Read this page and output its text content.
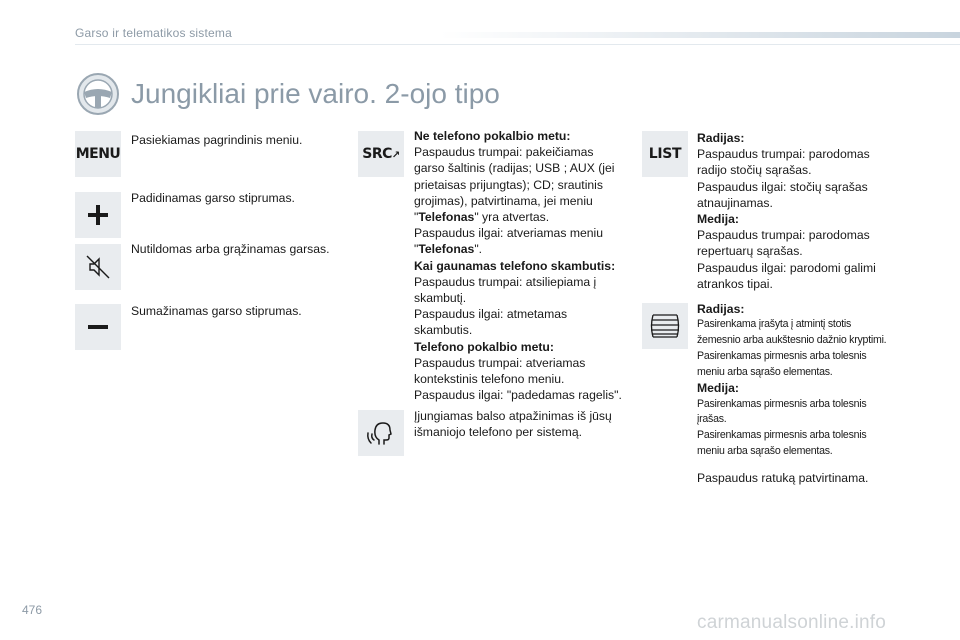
Garso ir telematikos sistema
Jungikliai prie vairo. 2-ojo tipo
MENU
Pasiekiamas pagrindinis meniu.
Padidinamas garso stiprumas.
Nutildomas arba grąžinamas garsas.
Sumažinamas garso stiprumas.
SRC↗
Ne telefono pokalbio metu:
Paspaudus trumpai: pakeičiamas
garso šaltinis (radijas; USB ; AUX (jei
prietaisas prijungtas); CD; srautinis
grojimas), patvirtinama, jei meniu
"Telefonas" yra atvertas.
Paspaudus ilgai: atveriamas meniu
"Telefonas".
Kai gaunamas telefono skambutis:
Paspaudus trumpai: atsiliepiama į
skambutį.
Paspaudus ilgai: atmetamas
skambutis.
Telefono pokalbio metu:
Paspaudus trumpai: atveriamas
kontekstinis telefono meniu.
Paspaudus ilgai: "padedamas ragelis".
Įjungiamas balso atpažinimas iš jūsų
išmaniojo telefono per sistemą.
LIST
Radijas:
Paspaudus trumpai: parodomas
radijo stočių sąrašas.
Paspaudus ilgai: stočių sąrašas
atnaujinamas.
Medija:
Paspaudus trumpai: parodomas
repertuarų sąrašas.
Paspaudus ilgai: parodomi galimi
atrankos tipai.
Radijas:
Pasirenkama įrašyta į atmintį stotis
žemesnio arba aukštesnio dažnio kryptimi.
Pasirenkamas pirmesnis arba tolesnis
meniu arba sąrašo elementas.
Medija:
Pasirenkamas pirmesnis arba tolesnis
įrašas.
Pasirenkamas pirmesnis arba tolesnis
meniu arba sąrašo elementas.
Paspaudus ratuką patvirtinama.
476
carmanualsonline.info
